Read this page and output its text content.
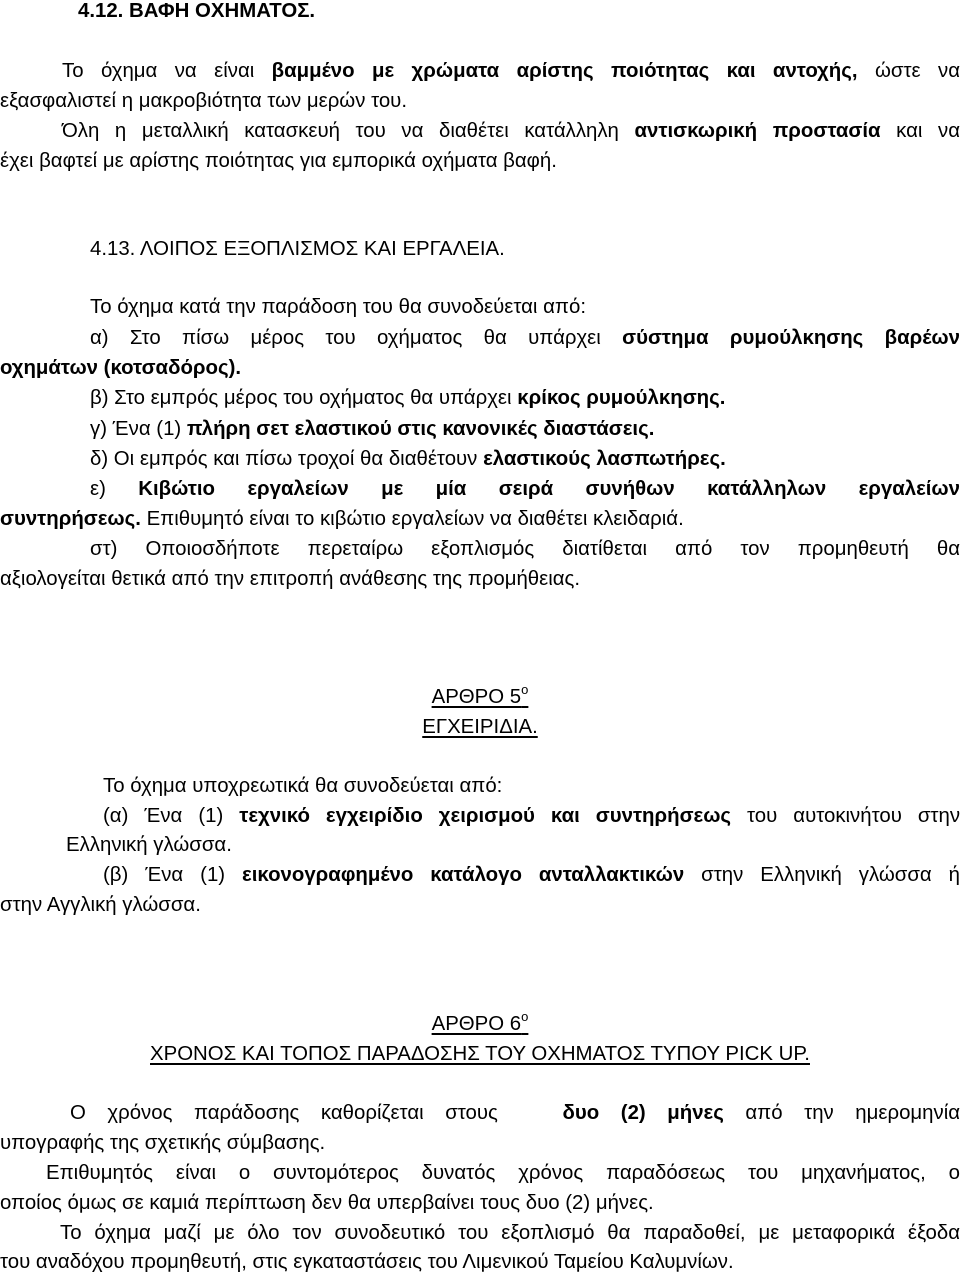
4.12. ΒΑΦΗ ΟΧΗΜΑΤΟΣ.
Το όχημα να είναι βαμμένο με χρώματα αρίστης ποιότητας και αντοχής, ώστε να
εξασφαλιστεί η μακροβιότητα των μερών του.
Όλη η μεταλλική κατασκευή του να διαθέτει κατάλληλη αντισκωρική προστασία και να
έχει βαφτεί με αρίστης ποιότητας για εμπορικά οχήματα βαφή.
4.13. ΛΟΙΠΟΣ ΕΞΟΠΛΙΣΜΟΣ ΚΑΙ ΕΡΓΑΛΕΙΑ.
Το όχημα κατά την παράδοση του θα συνοδεύεται από:
α) Στο πίσω μέρος του οχήματος θα υπάρχει σύστημα ρυμούλκησης βαρέων
οχημάτων (κοτσαδόρος).
β) Στο εμπρός μέρος του οχήματος θα υπάρχει κρίκος ρυμούλκησης.
γ) Ένα (1) πλήρη σετ ελαστικού στις κανονικές διαστάσεις.
δ) Οι εμπρός και πίσω τροχοί θα διαθέτουν ελαστικούς λασπωτήρες.
ε) Κιβώτιο εργαλείων με μία σειρά συνήθων κατάλληλων εργαλείων
συντηρήσεως. Επιθυμητό είναι το κιβώτιο εργαλείων να διαθέτει κλειδαριά.
στ) Οποιοσδήποτε περεταίρω εξοπλισμός διατίθεται από τον προμηθευτή θα
αξιολογείται θετικά από την επιτροπή ανάθεσης της προμήθειας.
ΑΡΘΡΟ $5^o$
ΕΓΧΕΙΡΙΔΙΑ.
Το όχημα υποχρεωτικά θα συνοδεύεται από:
(α) Ένα (1) τεχνικό εγχειρίδιο χειρισμού και συντηρήσεως του αυτοκινήτου στην
Ελληνική γλώσσα.
(β) Ένα (1) εικονογραφημένο κατάλογο ανταλλακτικών στην Ελληνική γλώσσα ή
στην Αγγλική γλώσσα.
ΑΡΘΡΟ $6^o$
ΧΡΟΝΟΣ ΚΑΙ ΤΟΠΟΣ ΠΑΡΑΔΟΣΗΣ ΤΟΥ ΟΧΗΜΑΤΟΣ ΤΥΠΟΥ PICK UP.
Ο χρόνος παράδοσης καθορίζεται στους	δυο (2) μήνες από την ημερομηνία
υπογραφής της σχετικής σύμβασης.
Επιθυμητός είναι ο συντομότερος δυνατός χρόνος παραδόσεως του μηχανήματος, ο
οποίος όμως σε καμιά περίπτωση δεν θα υπερβαίνει τους δυο (2) μήνες.
Το όχημα μαζί με όλο τον συνοδευτικό του εξοπλισμό θα παραδοθεί, με μεταφορικά έξοδα
του αναδόχου προμηθευτή, στις εγκαταστάσεις του Λιμενικού Ταμείου Καλυμνίων.
